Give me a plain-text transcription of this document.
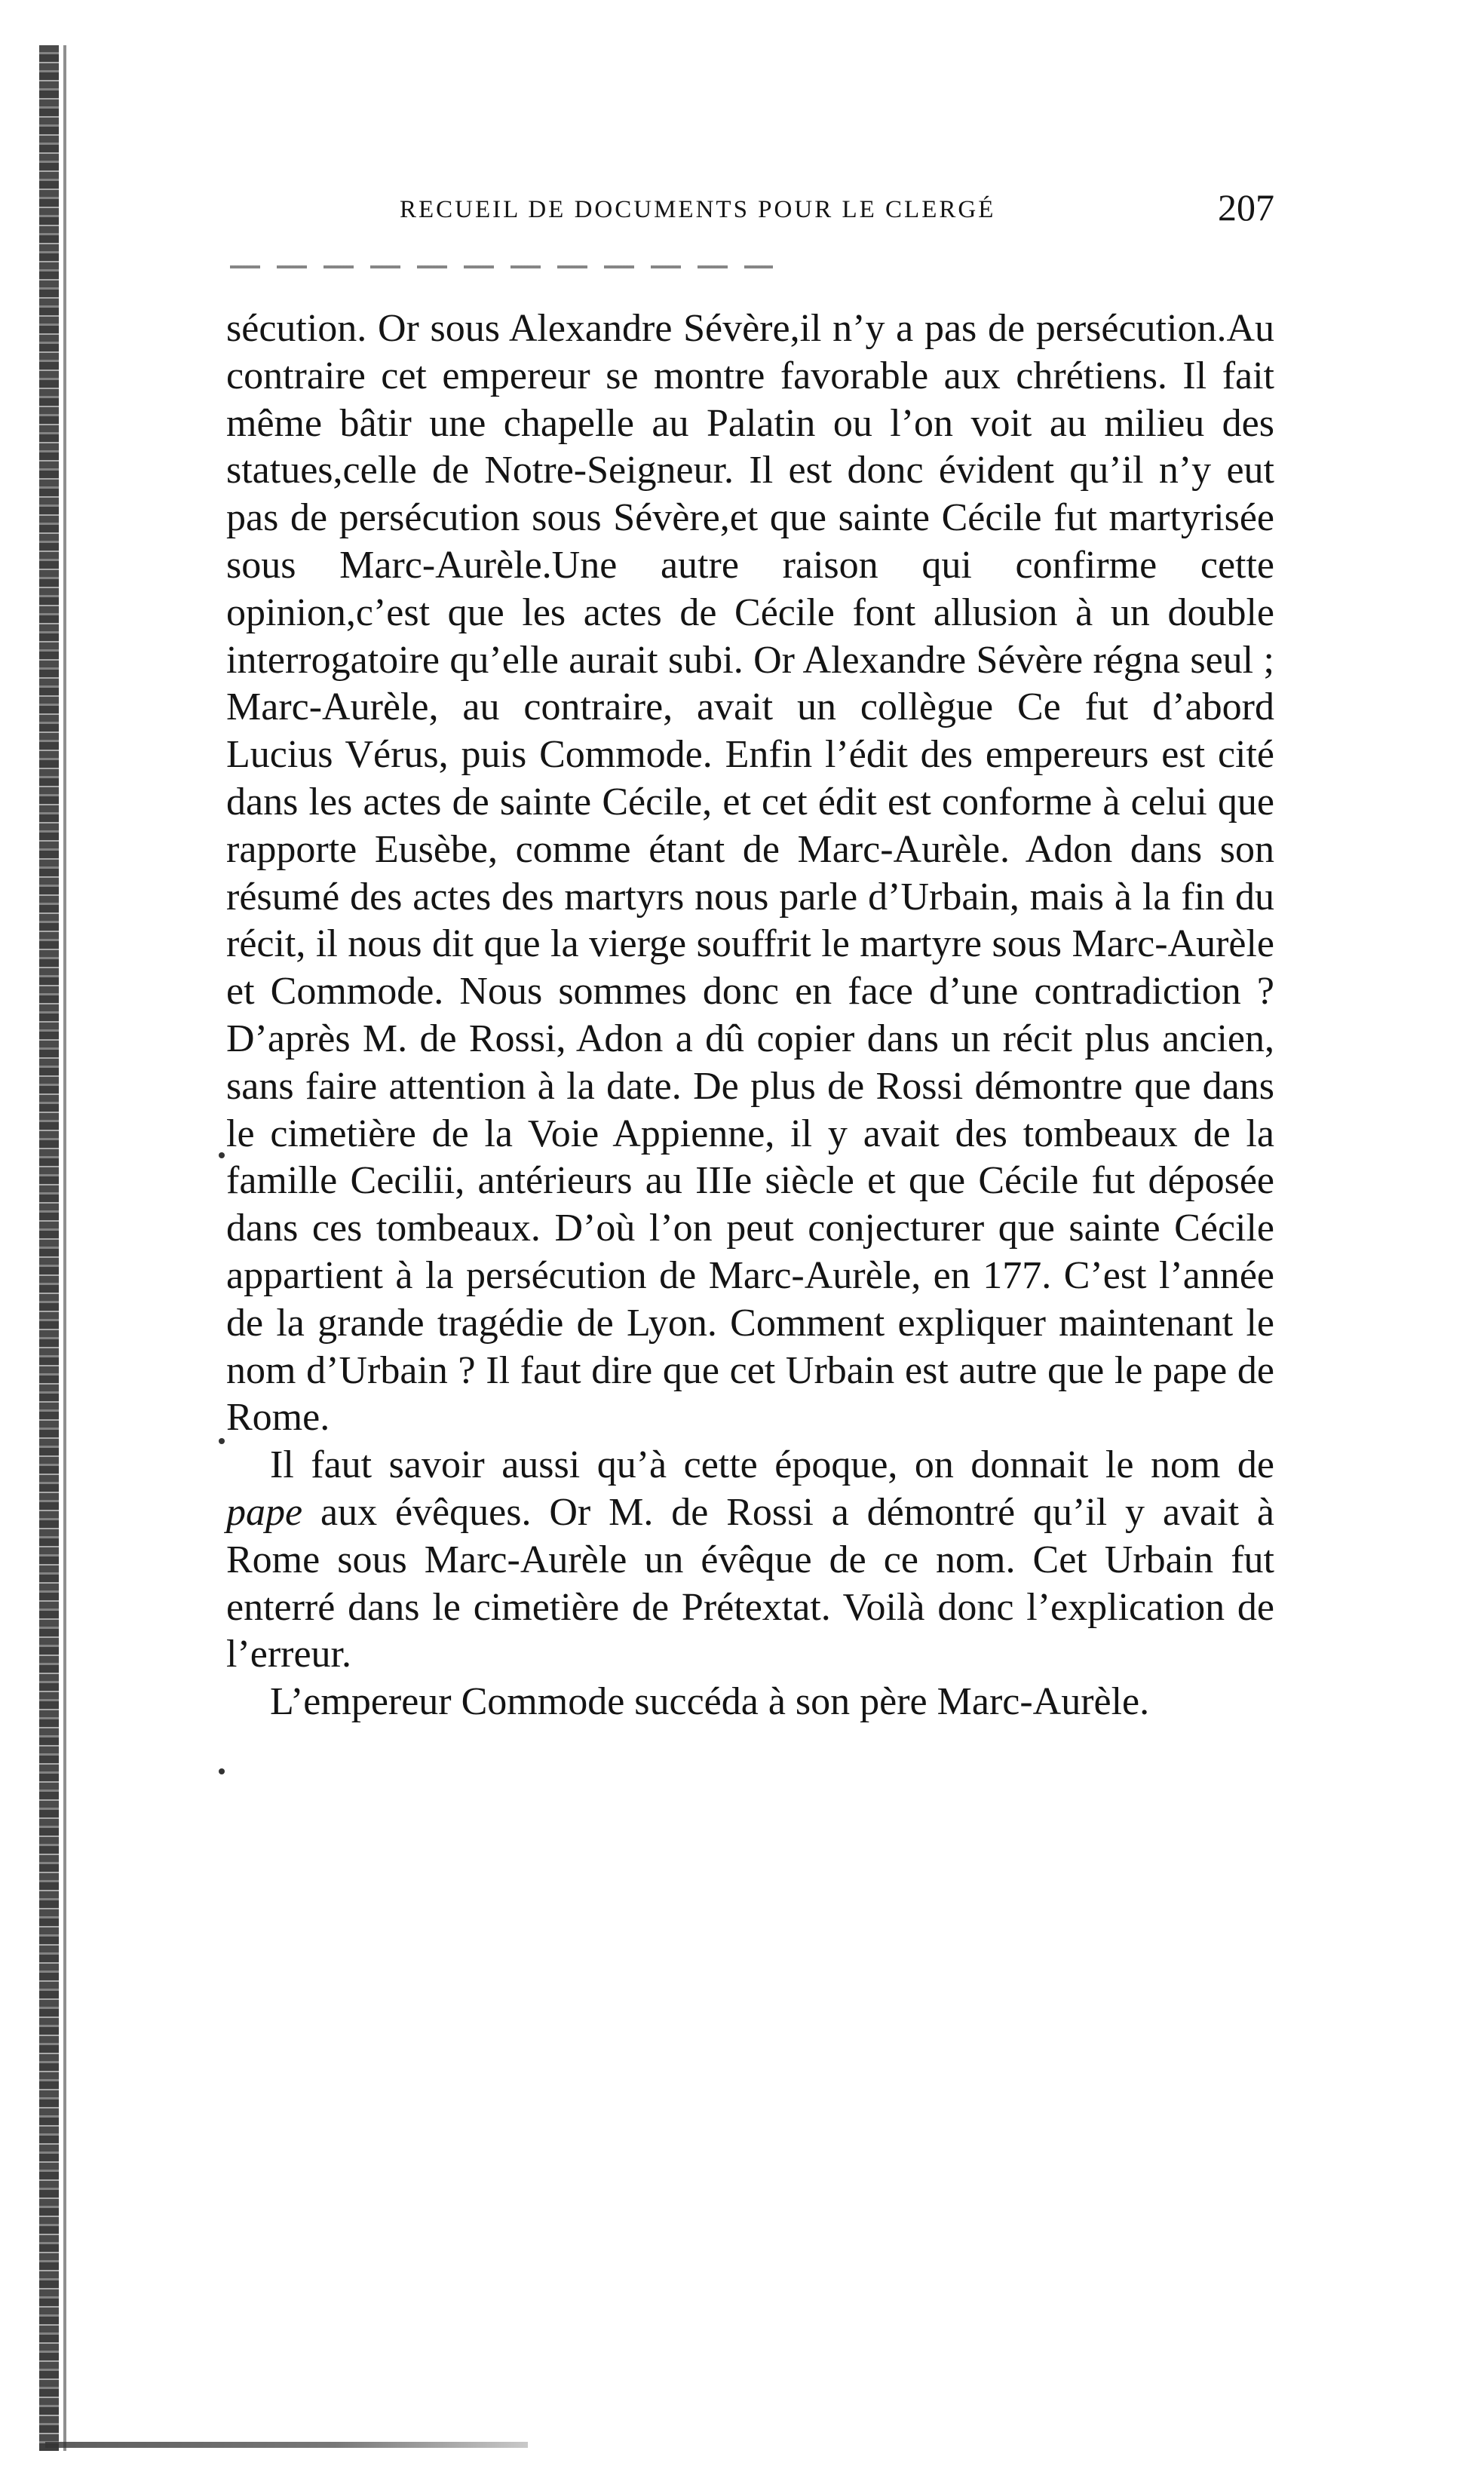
RECUEIL DE DOCUMENTS POUR LE CLERGÉ	207

sécution. Or sous Alexandre Sévère,il n’y a pas de persécution.Au contraire cet empereur se montre favorable aux chrétiens. Il fait même bâtir une chapelle au Palatin ou l’on voit au milieu des statues,celle de Notre-Seigneur. Il est donc évident qu’il n’y eut pas de persécution sous Sévère,et que sainte Cécile fut martyrisée sous Marc-Aurèle.Une autre raison qui confirme cette opinion,c’est que les actes de Cécile font allusion à un double interrogatoire qu’elle aurait subi. Or Alexandre Sévère régna seul ; Marc-Aurèle, au contraire, avait un collègue Ce fut d’abord Lucius Vérus, puis Commode. Enfin l’édit des empereurs est cité dans les actes de sainte Cécile, et cet édit est conforme à celui que rapporte Eusèbe, comme étant de Marc-Aurèle. Adon dans son résumé des actes des martyrs nous parle d’Urbain, mais à la fin du récit, il nous dit que la vierge souffrit le martyre sous Marc-Aurèle et Commode. Nous sommes donc en face d’une contradiction ? D’après M. de Rossi, Adon a dû copier dans un récit plus ancien, sans faire attention à la date. De plus de Rossi démontre que dans le cimetière de la Voie Appienne, il y avait des tombeaux de la famille Cecilii, antérieurs au IIIe siècle et que Cécile fut déposée dans ces tombeaux. D’où l’on peut conjecturer que sainte Cécile appartient à la persécution de Marc-Aurèle, en 177. C’est l’année de la grande tragédie de Lyon. Comment expliquer maintenant le nom d’Urbain ? Il faut dire que cet Urbain est autre que le pape de Rome.

Il faut savoir aussi qu’à cette époque, on donnait le nom de pape aux évêques. Or M. de Rossi a démontré qu’il y avait à Rome sous Marc-Aurèle un évêque de ce nom. Cet Urbain fut enterré dans le cimetière de Prétextat. Voilà donc l’explication de l’erreur.

L’empereur Commode succéda à son père Marc-Aurèle.
